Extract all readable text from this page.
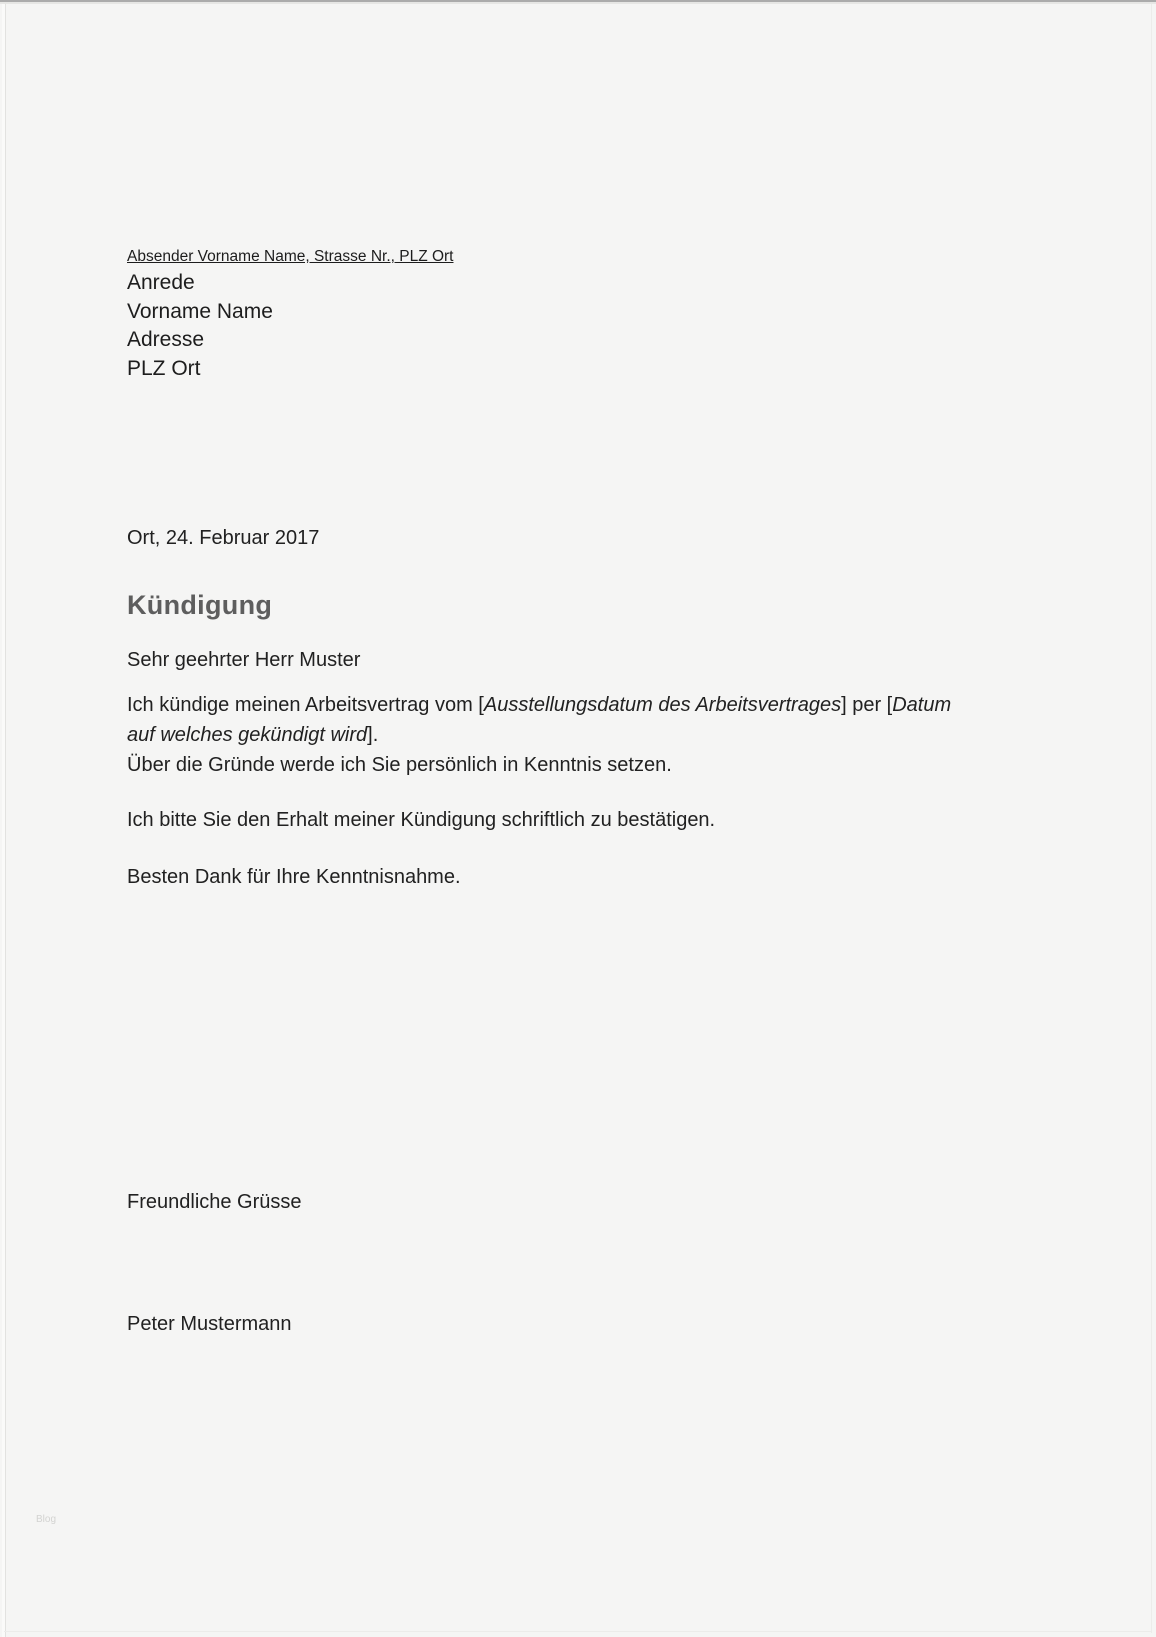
Absender Vorname Name, Strasse Nr., PLZ Ort
Anrede
Vorname Name
Adresse
PLZ Ort
Ort, 24. Februar 2017
Kündigung
Sehr geehrter Herr Muster
Ich kündige meinen Arbeitsvertrag vom [Ausstellungsdatum des Arbeitsvertrages] per [Datum
auf welches gekündigt wird].
Über die Gründe werde ich Sie persönlich in Kenntnis setzen.
Ich bitte Sie den Erhalt meiner Kündigung schriftlich zu bestätigen.
Besten Dank für Ihre Kenntnisnahme.
Freundliche Grüsse
Peter Mustermann
Blog
